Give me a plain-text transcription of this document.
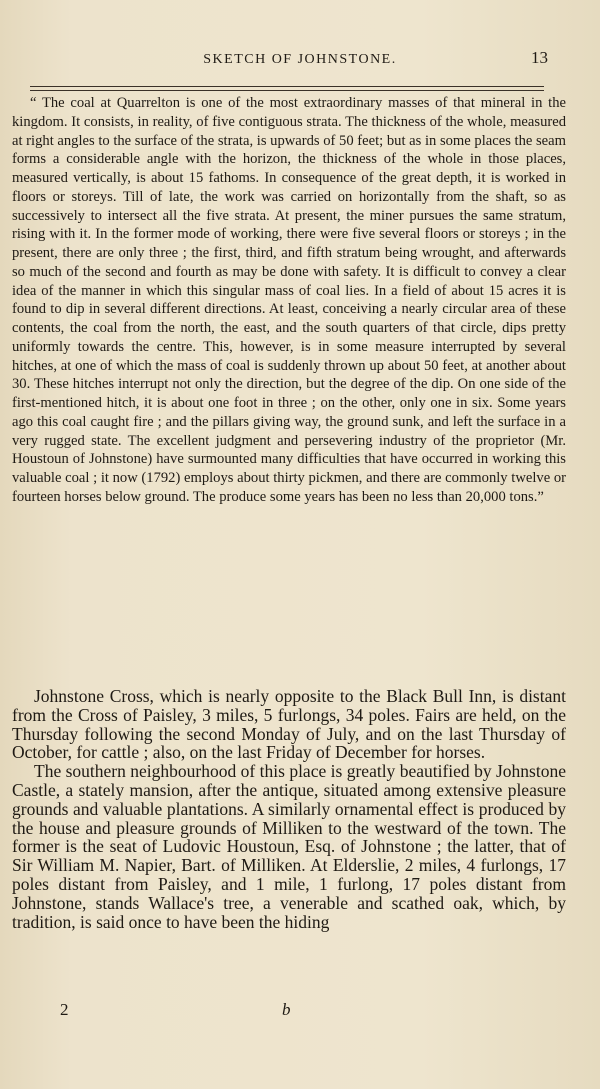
SKETCH OF JOHNSTONE.	13

“ The coal at Quarrelton is one of the most extraordinary masses of that mineral in the kingdom. It consists, in reality, of five contiguous strata. The thickness of the whole, measured at right angles to the surface of the strata, is upwards of 50 feet; but as in some places the seam forms a considerable angle with the horizon, the thickness of the whole in those places, measured vertically, is about 15 fathoms. In consequence of the great depth, it is worked in floors or storeys. Till of late, the work was carried on horizontally from the shaft, so as successively to intersect all the five strata. At present, the miner pursues the same stratum, rising with it. In the former mode of working, there were five several floors or storeys ; in the present, there are only three ; the first, third, and fifth stratum being wrought, and afterwards so much of the second and fourth as may be done with safety. It is difficult to convey a clear idea of the manner in which this singular mass of coal lies. In a field of about 15 acres it is found to dip in several different directions. At least, conceiving a nearly circular area of these contents, the coal from the north, the east, and the south quarters of that circle, dips pretty uniformly towards the centre. This, however, is in some measure interrupted by several hitches, at one of which the mass of coal is suddenly thrown up about 50 feet, at another about 30. These hitches interrupt not only the direction, but the degree of the dip. On one side of the first-mentioned hitch, it is about one foot in three ; on the other, only one in six. Some years ago this coal caught fire ; and the pillars giving way, the ground sunk, and left the surface in a very rugged state. The excellent judgment and persevering industry of the proprietor (Mr. Houstoun of Johnstone) have surmounted many difficulties that have occurred in working this valuable coal ; it now (1792) employs about thirty pickmen, and there are commonly twelve or fourteen horses below ground. The produce some years has been no less than 20,000 tons.”

Johnstone Cross, which is nearly opposite to the Black Bull Inn, is distant from the Cross of Paisley, 3 miles, 5 furlongs, 34 poles. Fairs are held, on the Thursday following the second Monday of July, and on the last Thursday of October, for cattle ; also, on the last Friday of December for horses.

The southern neighbourhood of this place is greatly beautified by Johnstone Castle, a stately mansion, after the antique, situated among extensive pleasure grounds and valuable plantations. A similarly ornamental effect is produced by the house and pleasure grounds of Milliken to the westward of the town. The former is the seat of Ludovic Houstoun, Esq. of Johnstone ; the latter, that of Sir William M. Napier, Bart. of Milliken. At Elderslie, 2 miles, 4 furlongs, 17 poles distant from Paisley, and 1 mile, 1 furlong, 17 poles distant from Johnstone, stands Wallace's tree, a venerable and scathed oak, which, by tradition, is said once to have been the hiding

2	b
